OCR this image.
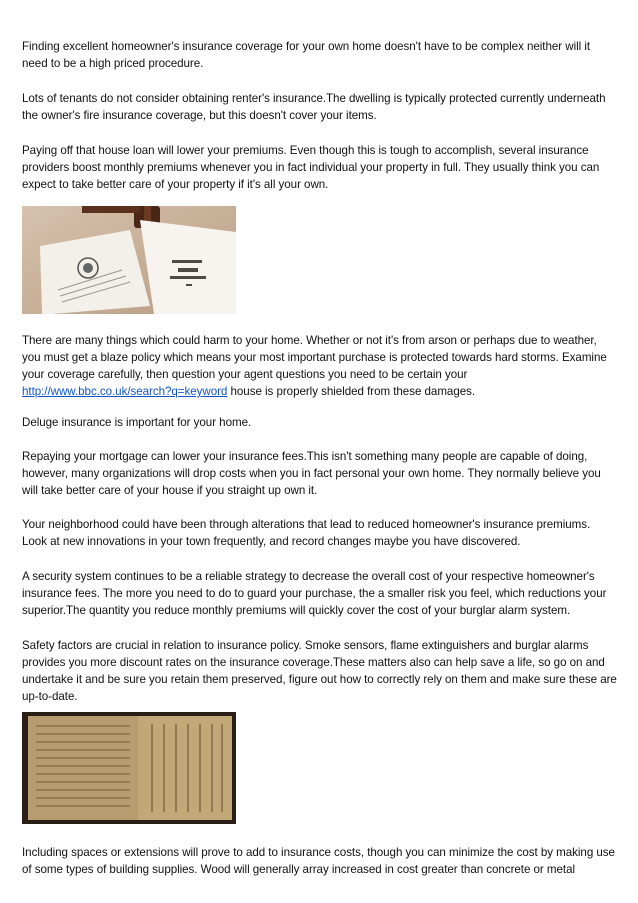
Finding excellent homeowner's insurance coverage for your own home doesn't have to be complex neither will it need to be a high priced procedure.

Lots of tenants do not consider obtaining renter's insurance.The dwelling is typically protected currently underneath the owner's fire insurance coverage, but this doesn't cover your items.

Paying off that house loan will lower your premiums. Even though this is tough to accomplish, several insurance providers boost monthly premiums whenever you in fact individual your property in full. They usually think you can expect to take better care of your property if it's all your own.

There are many things which could harm to your home. Whether or not it's from arson or perhaps due to weather, you must get a blaze policy which means your most important purchase is protected towards hard storms. Examine your coverage carefully, then question your agent questions you need to be certain your http://www.bbc.co.uk/search?q=keyword house is properly shielded from these damages.

Deluge insurance is important for your home.

Repaying your mortgage can lower your insurance fees.This isn't something many people are capable of doing, however, many organizations will drop costs when you in fact personal your own home. They normally believe you will take better care of your house if you straight up own it.

Your neighborhood could have been through alterations that lead to reduced homeowner's insurance premiums. Look at new innovations in your town frequently, and record changes maybe you have discovered.

A security system continues to be a reliable strategy to decrease the overall cost of your respective homeowner's insurance fees. The more you need to do to guard your purchase, the a smaller risk you feel, which reductions your superior.The quantity you reduce monthly premiums will quickly cover the cost of your burglar alarm system.

Safety factors are crucial in relation to insurance policy. Smoke sensors, flame extinguishers and burglar alarms provides you more discount rates on the insurance coverage.These matters also can help save a life, so go on and undertake it and be sure you retain them preserved, figure out how to correctly rely on them and make sure these are up-to-date.

Including spaces or extensions will prove to add to insurance costs, though you can minimize the cost by making use of some types of building supplies. Wood will generally array increased in cost greater than concrete or metal
